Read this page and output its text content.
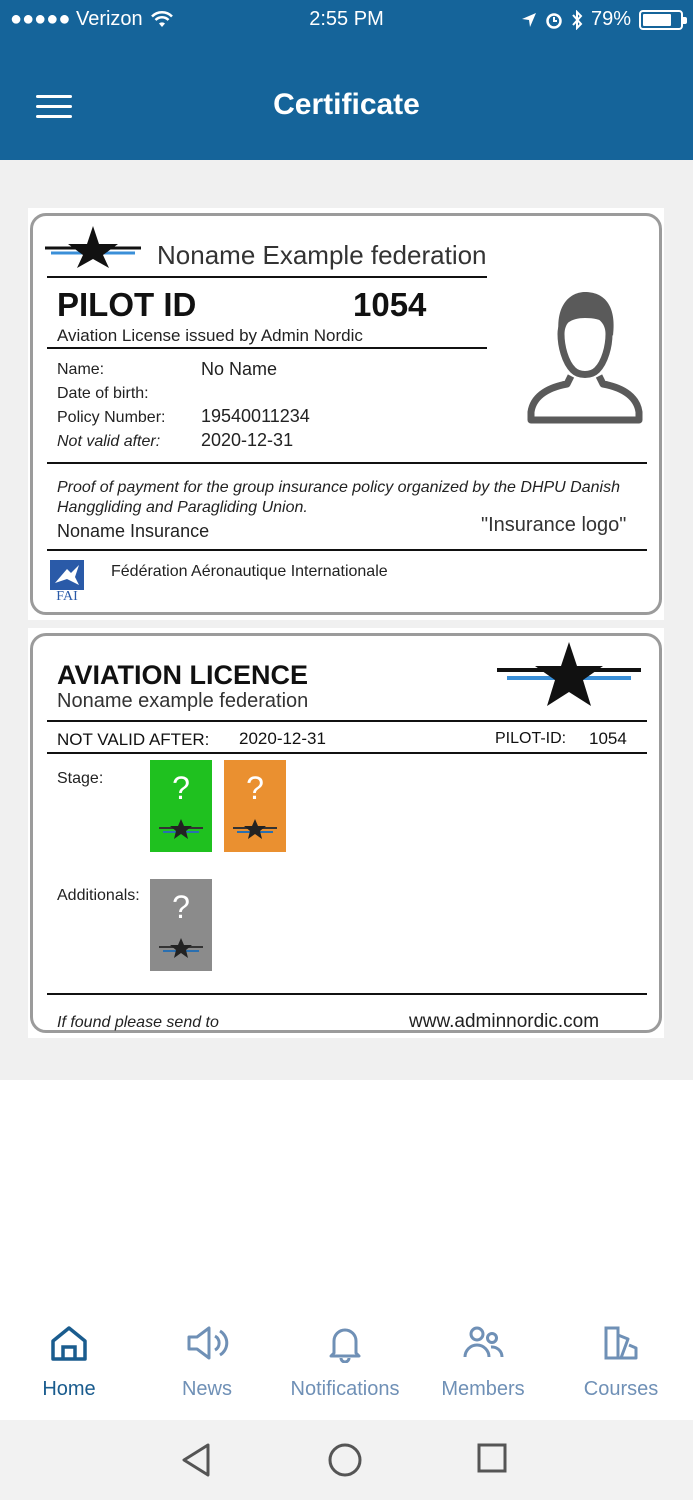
●●●●● Verizon	2:55 PM	79%
Certificate
Noname Example federation
PILOT ID	1054
Aviation License issued by Admin Nordic
Name:	No Name
Date of birth:
Policy Number: 19540011234
Not valid after: 2020-12-31
Proof of payment for the group insurance policy organized by the DHPU Danish Hanggliding and Paragliding Union.
Noname Insurance	"Insurance logo"
FAI
Fédération Aéronautique Internationale
AVIATION LICENCE
Noname example federation
NOT VALID AFTER: 2020-12-31	PILOT-ID: 1054
Stage:	?	?
Additionals:	?
If found please send to	www.adminnordic.com
Home	News	Notifications	Members	Courses
